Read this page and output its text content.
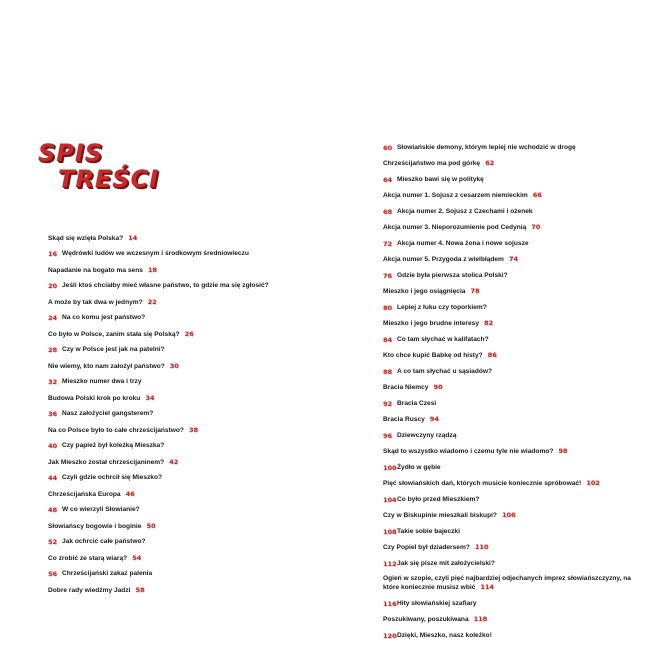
SPIS
TREŚCI
Skąd się wzięła Polska? 14
16 Wędrówki ludów we wczesnym i środkowym średniowieczu
Napadanie na bogato ma sens 18
20 Jeśli ktoś chciałby mieć własne państwo, to gdzie ma się zgłosić?
A może by tak dwa w jednym? 22
24 Na co komu jest państwo?
Co było w Polsce, zanim stała się Polską? 26
28 Czy w Polsce jest jak na patelni?
Nie wiemy, kto nam założył państwo? 30
32 Mieszko numer dwa i trzy
Budowa Polski krok po kroku 34
36 Nasz założyciel gangsterem?
Na co Polsce było to całe chrześcijaństwo? 38
40 Czy papież był koleżką Mieszka?
Jak Mieszko został chrześcijaninem? 42
44 Czyli gdzie ochrcił się Mieszko?
Chrześcijańska Europa 46
48 W co wierzyli Słowianie?
Słowiańscy bogowie i boginie 50
52 Jak ochrcić całe państwo?
Co zrobić ze starą wiarą? 54
56 Chrześcijański zakaz palenia
Dobre rady wiedźmy Jadzi 58
60 Słowiańskie demony, którym lepiej nie wchodzić w drogę
Chrześcijaństwo ma pod górkę 62
64 Mieszko bawi się w politykę
Akcja numer 1. Sojusz z cesarzem niemieckim 66
68 Akcja numer 2. Sojusz z Czechami i ożenek
Akcja numer 3. Nieporozumienie pod Cedynią 70
72 Akcja numer 4. Nowa żona i nowe sojusze
Akcja numer 5. Przygoda z wielbłądem 74
76 Gdzie była pierwsza stolica Polski?
Mieszko i jego osiągnięcia 78
80 Lepiej z łuku czy toporkiem?
Mieszko i jego brudne interesy 82
84 Co tam słychać w kalifatach?
Kto chce kupić Babkę od histy? 86
88 A co tam słychać u sąsiadów?
Bracia Niemcy 90
92 Bracia Czesi
Bracia Ruscy 94
96 Dziewczyny rządzą
Skąd to wszystko wiadomo i czemu tyle nie wiadomo? 98
100 Żydło w gębie
Pięć słowiańskich dań, których musicie koniecznie spróbować! 102
104 Co było przed Mieszkiem?
Czy w Biskupinie mieszkali biskupi? 106
108 Takie sobie bajeczki
Czy Popiel był dziadersem? 110
112 Jak się pisze mit założycielski?
Ogień w szopie, czyli pięć najbardziej odjechanych imprez słowiańszczyzny, na które koniecznie musisz wbić 114
116 Hity słowiańskiej szafiary
Poszukiwany, poszukiwana 118
120 Dzięki, Mieszko, nasz koleżko!
